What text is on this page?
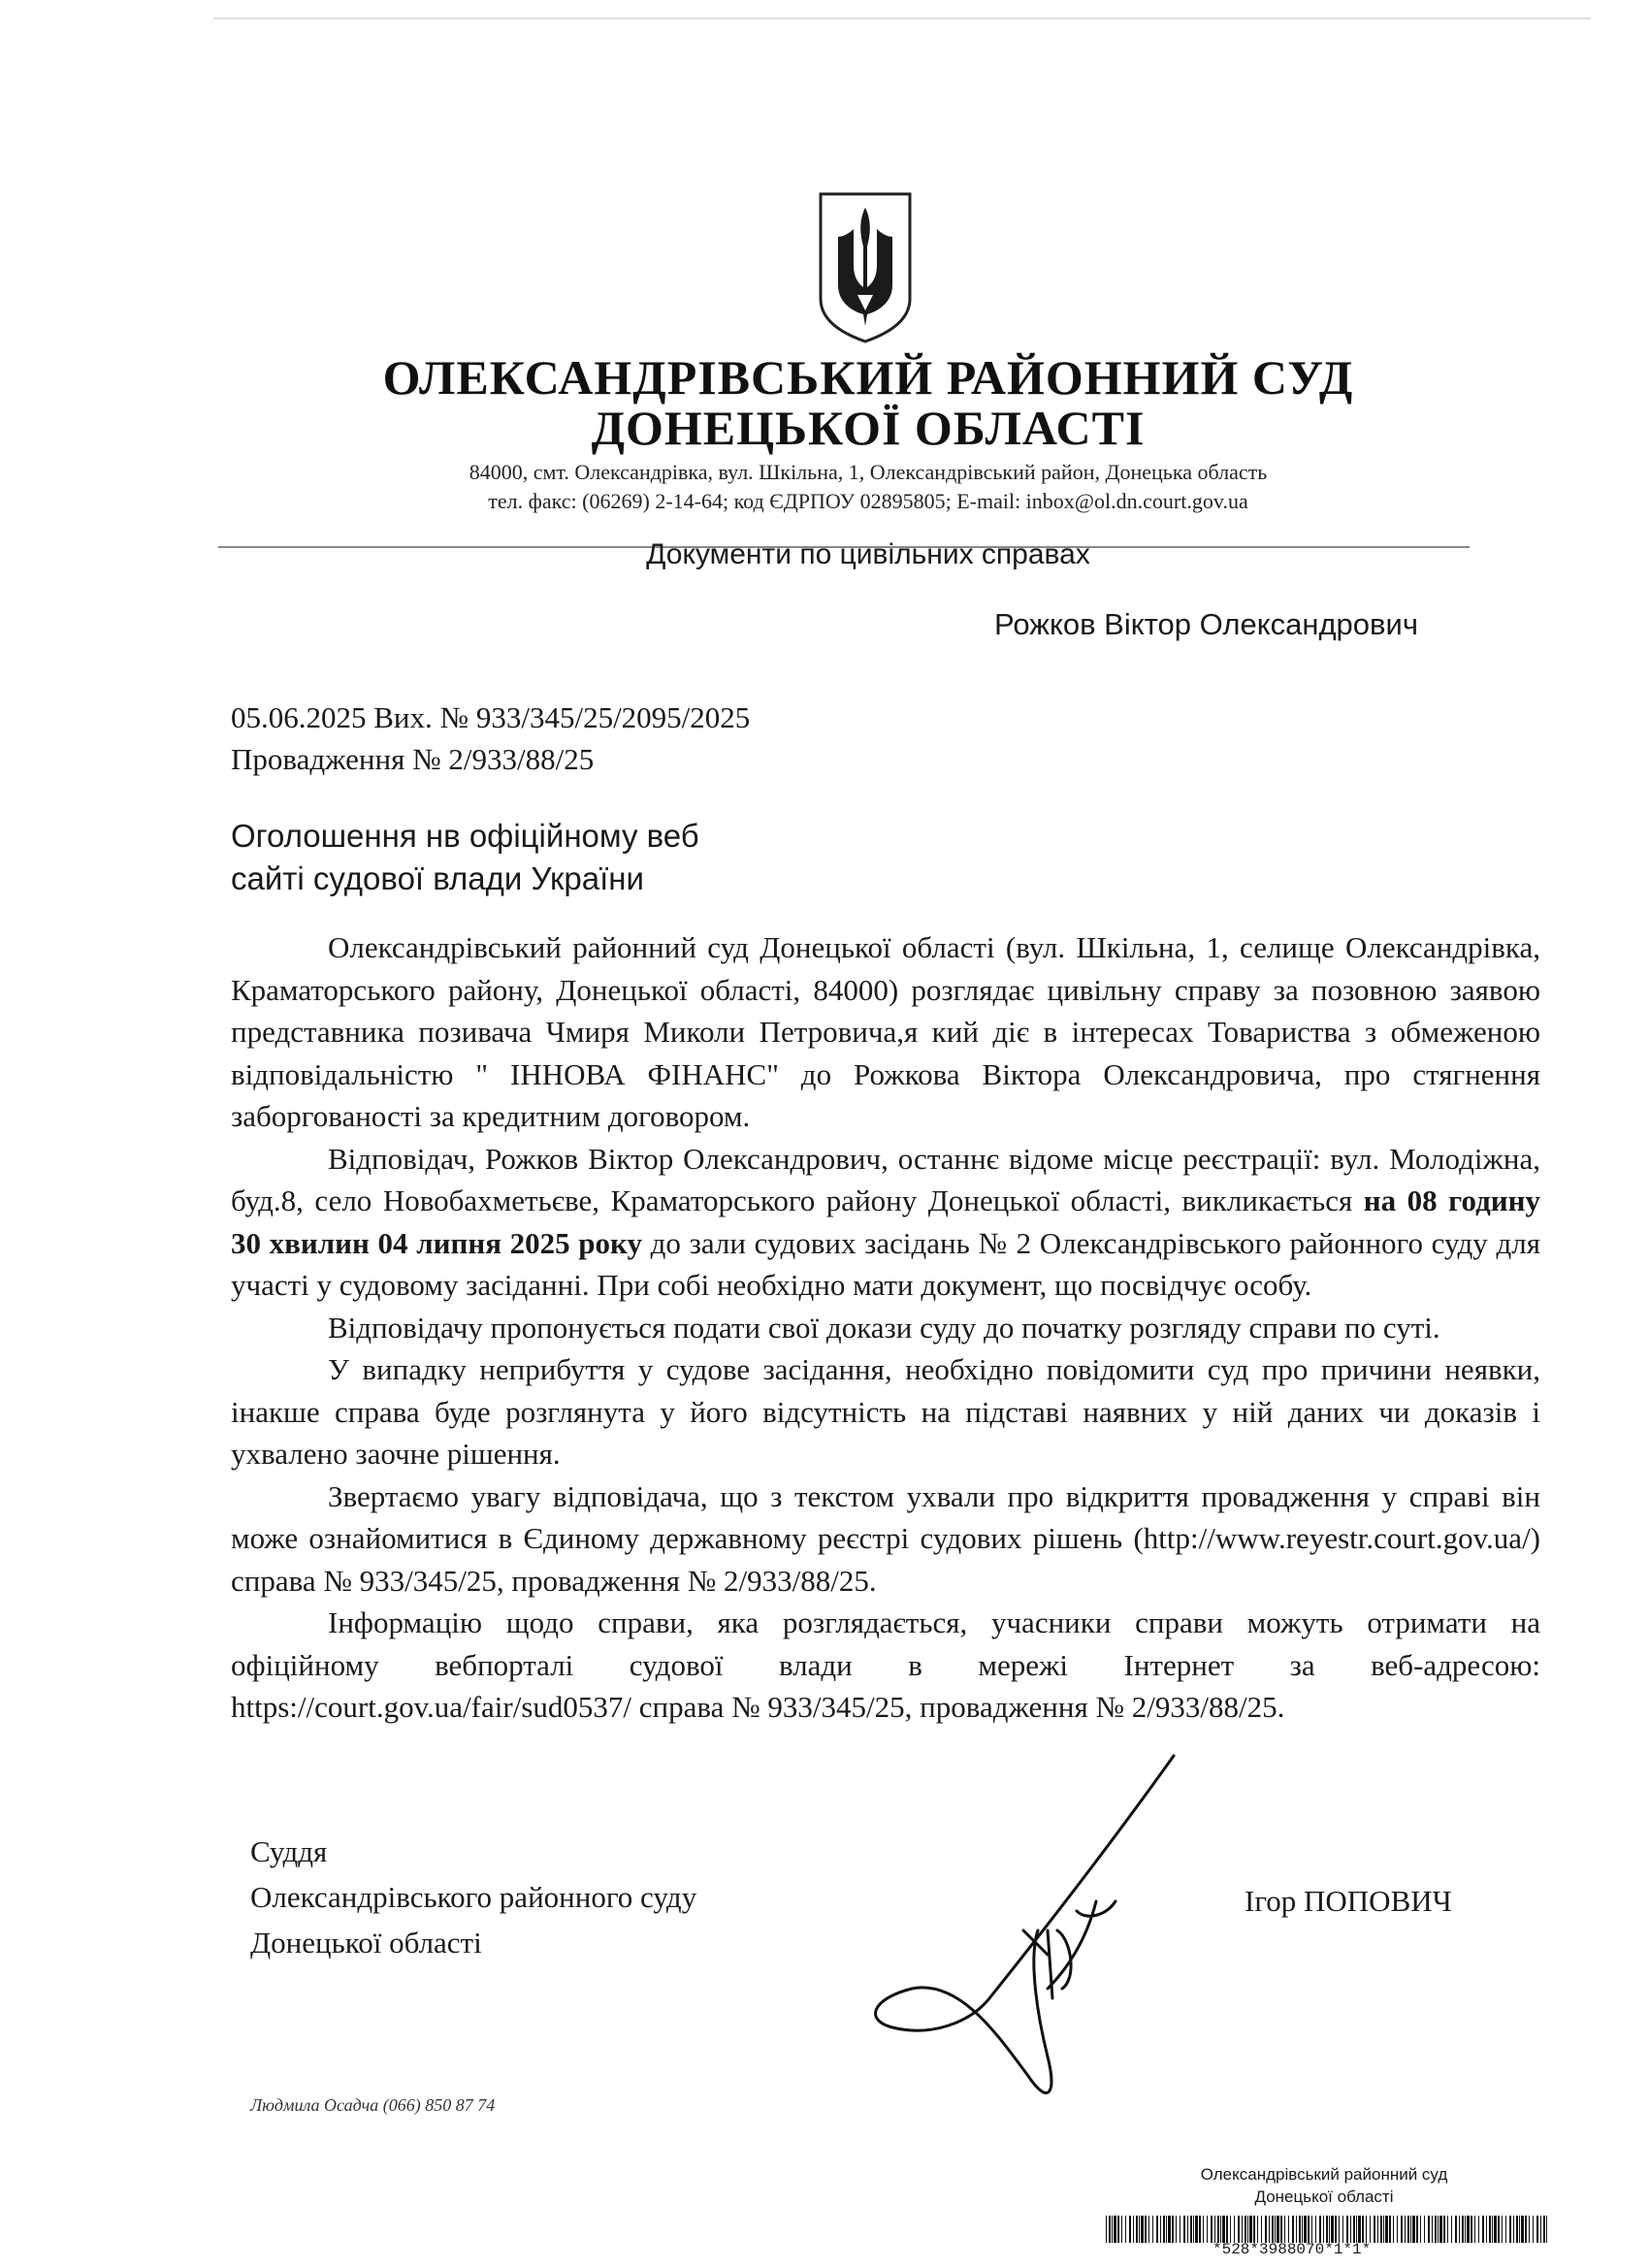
ОЛЕКСАНДРІВСЬКИЙ РАЙОННИЙ СУД
ДОНЕЦЬКОЇ ОБЛАСТІ
84000, смт. Олександрівка, вул. Шкільна, 1, Олександрівський район, Донецька область
тел. факс: (06269) 2-14-64; код ЄДРПОУ 02895805; E-mail: inbox@ol.dn.court.gov.ua
Документи по цивільних справах
Рожков Віктор Олександрович
05.06.2025 Вих. № 933/345/25/2095/2025
Провадження № 2/933/88/25
Оголошення нв офіційному веб
сайті судової влади України

Олександрівський районний суд Донецької області (вул. Шкільна, 1, селище Олександрівка, Краматорського району, Донецької області, 84000) розглядає цивільну справу за позовною заявою представника позивача Чмиря Миколи Петровича,я кий діє в інтересах Товариства з обмеженою відповідальністю " ІННОВА ФІНАНС" до Рожкова Віктора Олександровича, про стягнення заборгованості за кредитним договором.

Відповідач, Рожков Віктор Олександрович, останнє відоме місце реєстрації: вул. Молодіжна, буд.8, село Новобахметьєве, Краматорського району Донецької області, викликається на 08 годину 30 хвилин 04 липня 2025 року до зали судових засідань № 2 Олександрівського районного суду для участі у судовому засіданні. При собі необхідно мати документ, що посвідчує особу.

Відповідачу пропонується подати свої докази суду до початку розгляду справи по суті.

У випадку неприбуття у судове засідання, необхідно повідомити суд про причини неявки, інакше справа буде розглянута у його відсутність на підставі наявних у ній даних чи доказів і ухвалено заочне рішення.

Звертаємо увагу відповідача, що з текстом ухвали про відкриття провадження у справі він може ознайомитися в Єдиному державному реєстрі судових рішень (http://www.reyestr.court.gov.ua/) справа № 933/345/25, провадження № 2/933/88/25.

Інформацію щодо справи, яка розглядається, учасники справи можуть отримати на офіційному вебпорталі судової влади в мережі Інтернет за веб-адресою: https://court.gov.ua/fair/sud0537/ справа № 933/345/25, провадження № 2/933/88/25.

Суддя
Олександрівського районного суду
Донецької області
Ігор ПОПОВИЧ
Людмила Осадча (066) 850 87 74
Олександрівський районний суд
Донецької області
*528*3988070*1*1*
